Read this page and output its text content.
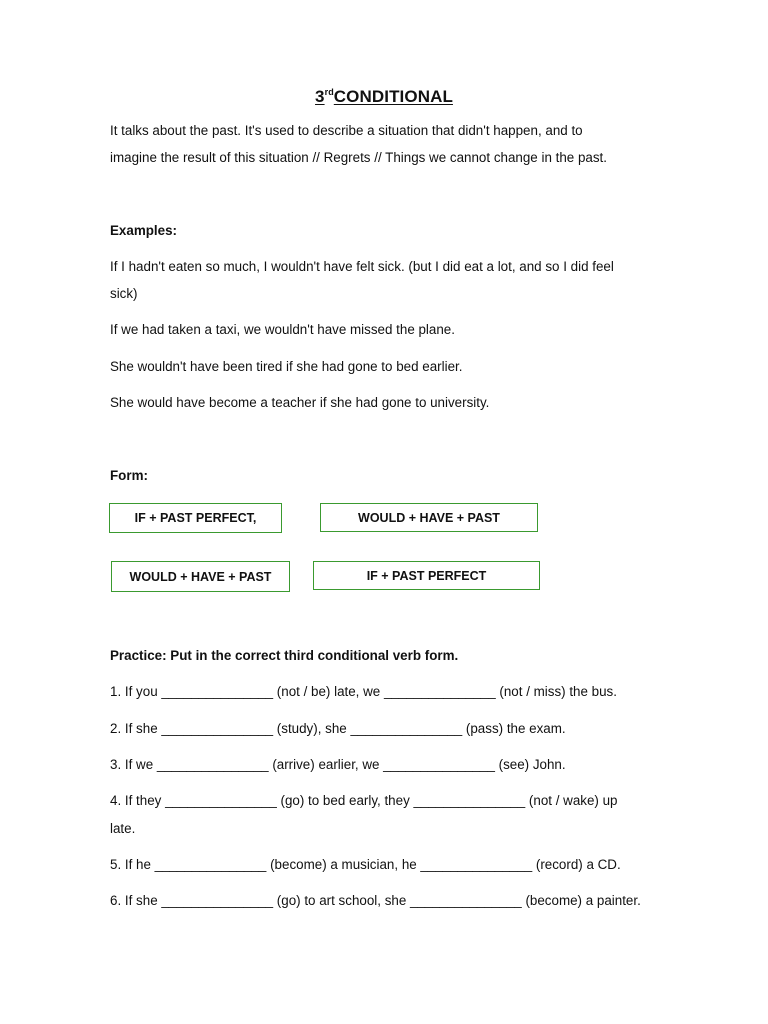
3rdCONDITIONAL
It talks about the past. It's used to describe a situation that didn't happen, and to
imagine the result of this situation // Regrets // Things we cannot change in the past.
Examples:
If I hadn't eaten so much, I wouldn't have felt sick. (but I did eat a lot, and so I did feel
sick)
If we had taken a taxi, we wouldn't have missed the plane.
She wouldn't have been tired if she had gone to bed earlier.
She would have become a teacher if she had gone to university.
Form:
IF + PAST PERFECT,	WOULD + HAVE + PAST
WOULD + HAVE + PAST	IF + PAST PERFECT
Practice: Put in the correct third conditional verb form.
1. If you _______________ (not / be) late, we _______________ (not / miss) the bus.
2. If she _______________ (study), she _______________ (pass) the exam.
3. If we _______________ (arrive) earlier, we _______________ (see) John.
4. If they _______________ (go) to bed early, they _______________ (not / wake) up
late.
5. If he _______________ (become) a musician, he _______________ (record) a CD.
6. If she _______________ (go) to art school, she _______________ (become) a painter.
